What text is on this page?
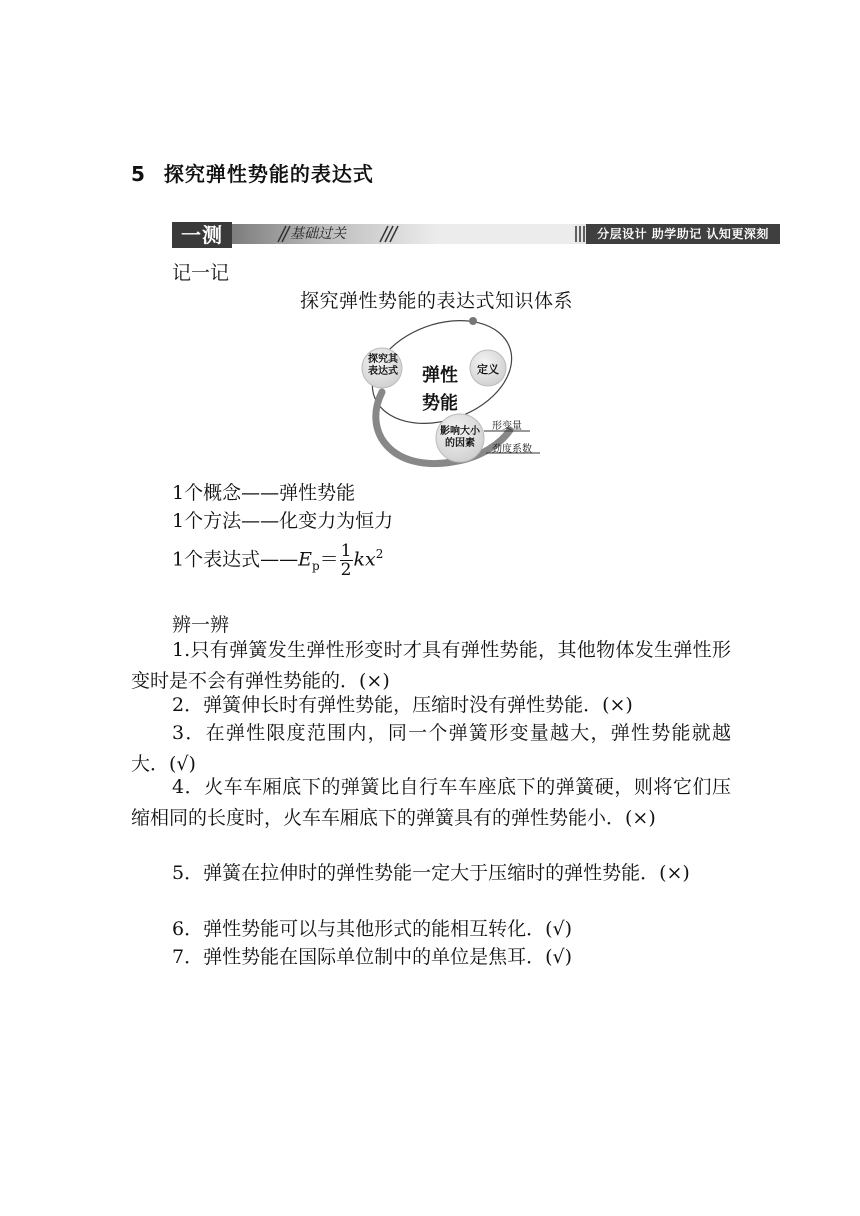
5 探究弹性势能的表达式
一测	基础过关	分层设计 助学助记 认知更深刻
记一记
探究弹性势能的表达式知识体系
探究其
表达式	定义
弹性
势能
影响大小
的因素
形变量
劲度系数
1个概念——弹性势能
1个方法——化变力为恒力
1个表达式$——E_p= \frac{1}{2} kx^2$
辨一辨
1.只有弹簧发生弹性形变时才具有弹性势能，其他物体发生弹性形变时是不会有弹性势能的．(×)
2．弹簧伸长时有弹性势能，压缩时没有弹性势能．(×)
3．在弹性限度范围内，同一个弹簧形变量越大，弹性势能就越大．(√)
4．火车车厢底下的弹簧比自行车车座底下的弹簧硬，则将它们压缩相同的长度时，火车车厢底下的弹簧具有的弹性势能小．(×)
5．弹簧在拉伸时的弹性势能一定大于压缩时的弹性势能．(×)
6．弹性势能可以与其他形式的能相互转化．(√)
7．弹性势能在国际单位制中的单位是焦耳．(√)
